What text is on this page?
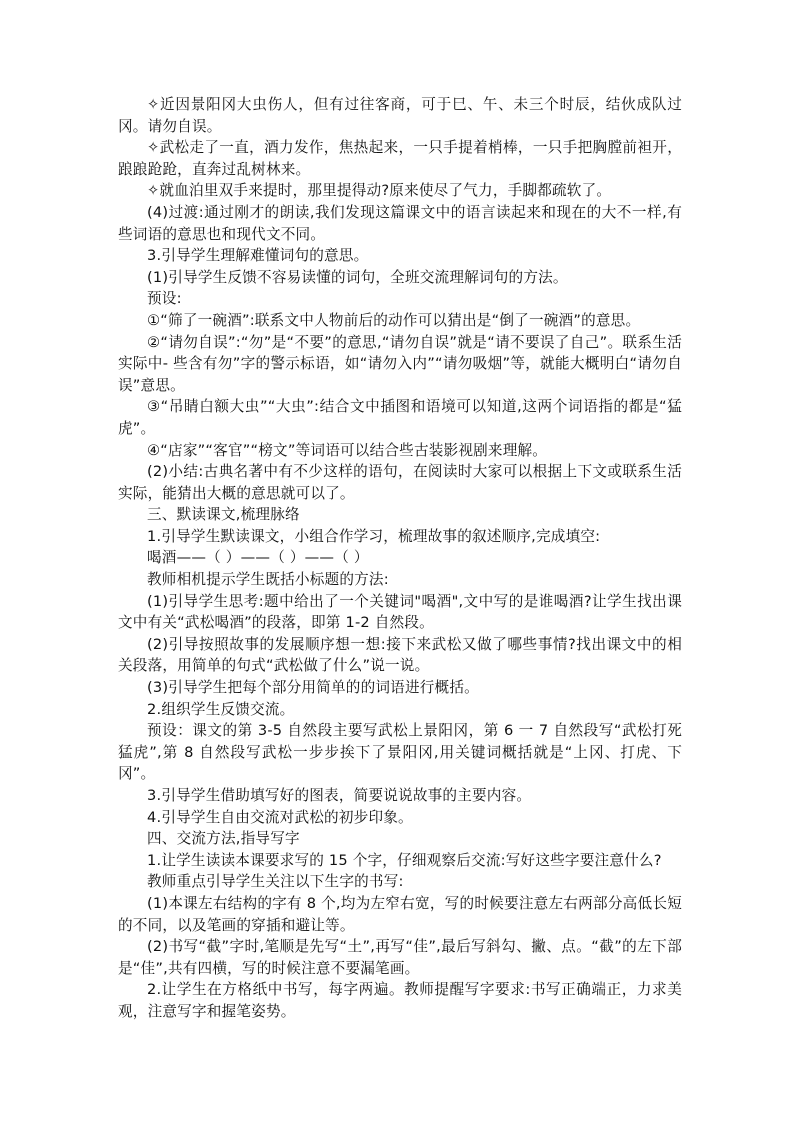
✧近因景阳冈大虫伤人，但有过往客商，可于巳、午、未三个时辰，结伙成队过冈。请勿自误。

✧武松走了一直，酒力发作，焦热起来，一只手提着梢棒，一只手把胸膛前袒开，踉踉跄跄，直奔过乱树林来。

✧就血泊里双手来提时，那里提得动?原来使尽了气力，手脚都疏软了。

(4)过渡:通过刚才的朗读,我们发现这篇课文中的语言读起来和现在的大不一样,有些词语的意思也和现代文不同。

3.引导学生理解难懂词句的意思。

(1)引导学生反馈不容易读懂的词句，全班交流理解词句的方法。

预设:

①“筛了一碗酒”:联系文中人物前后的动作可以猜出是“倒了一碗酒”的意思。

②“请勿自误”:“勿”是“不要”的意思,“请勿自误”就是“请不要误了自己”。联系生活实际中- 些含有勿”字的警示标语，如“请勿入内”“请勿吸烟”等，就能大概明白“请勿自误”意思。

③“吊睛白额大虫”“大虫”:结合文中插图和语境可以知道,这两个词语指的都是“猛虎”。

④“店家”“客官”“榜文”等词语可以结合些古装影视剧来理解。

(2)小结:古典名著中有不少这样的语句，在阅读时大家可以根据上下文或联系生活实际，能猜出大概的意思就可以了。

三、默读课文,梳理脉络

1.引导学生默读课文，小组合作学习，梳理故事的叙述顺序,完成填空:

喝酒——（ ）——（ ）——（ ）

教师相机提示学生既括小标题的方法:

(1)引导学生思考:题中给出了一个关键词"喝酒",文中写的是谁喝酒?让学生找出课文中有关“武松喝酒”的段落，即第 1-2 自然段。

(2)引导按照故事的发展顺序想一想:接下来武松又做了哪些事情?找出课文中的相关段落，用简单的句式“武松做了什么”说一说。

(3)引导学生把每个部分用简单的的词语进行概括。

2.组织学生反馈交流。

预设：课文的第 3-5 自然段主要写武松上景阳冈，第 6 一 7 自然段写“武松打死猛虎”,第 8 自然段写武松一步步挨下了景阳冈,用关键词概括就是“上冈、打虎、下冈”。

3.引导学生借助填写好的图表，简要说说故事的主要内容。

4.引导学生自由交流对武松的初步印象。

四、交流方法,指导写字

1.让学生读读本课要求写的 15 个字，仔细观察后交流:写好这些字要注意什么?

教师重点引导学生关注以下生字的书写:

(1)本课左右结构的字有 8 个,均为左窄右宽，写的时候要注意左右两部分高低长短的不同，以及笔画的穿插和避让等。

(2)书写“截”字时,笔顺是先写“土”,再写“佳”,最后写斜勾、撇、点。“截”的左下部是“佳”,共有四横，写的时候注意不要漏笔画。

2.让学生在方格纸中书写，每字两遍。教师提醒写字要求:书写正确端正，力求美观，注意写字和握笔姿势。
